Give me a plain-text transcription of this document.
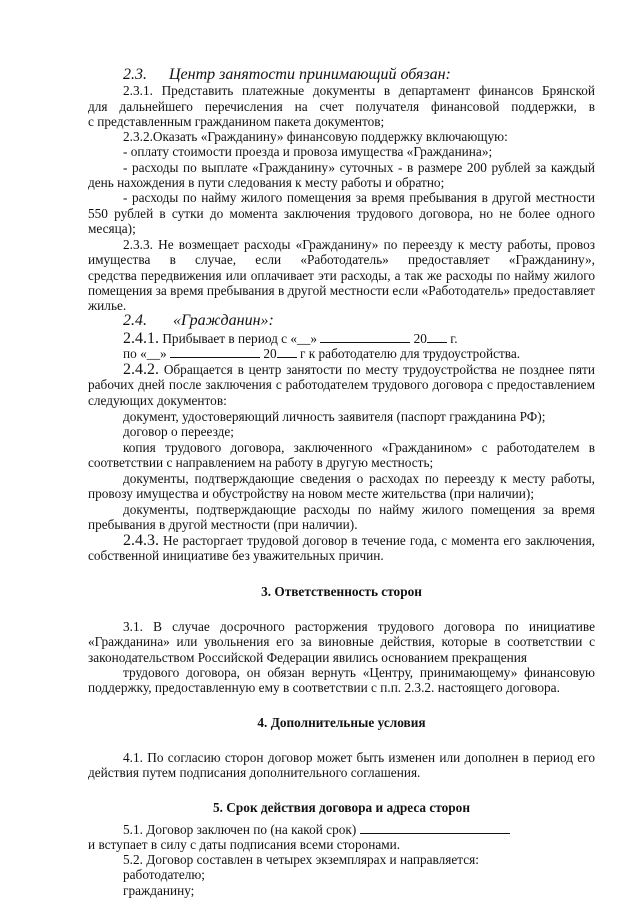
2.3. Центр занятости принимающий обязан:
2.3.1. Представить платежные документы в департамент финансов Брянской
для дальнейшего перечисления на счет получателя финансовой поддержки, в
с представленным гражданином пакета документов;
2.3.2.Оказать «Гражданину» финансовую поддержку включающую:
- оплату стоимости проезда и провоза имущества «Гражданина»;
- расходы по выплате «Гражданину» суточных - в размере 200 рублей за каждый
день нахождения в пути следования к месту работы и обратно;
- расходы по найму жилого помещения за время пребывания в другой местности
550 рублей в сутки до момента заключения трудового договора, но не более одного
месяца);
2.3.3. Не возмещает расходы «Гражданину» по переезду к месту работы, провоз
имущества в случае, если «Работодатель» предоставляет «Гражданину»,
средства передвижения или оплачивает эти расходы, а так же расходы по найму жилого
помещения за время пребывания в другой местности если «Работодатель» предоставляет
жилье.
2.4. «Гражданин»:
2.4.1. Прибывает в период с «__»	20 г.
по «__»	20 г к работодателю для трудоустройства.
2.4.2. Обращается в центр занятости по месту трудоустройства не позднее пяти
рабочих дней после заключения с работодателем трудового договора с предоставлением
следующих документов:
документ, удостоверяющий личность заявителя (паспорт гражданина РФ);
договор о переезде;
копия трудового договора, заключенного «Гражданином» с работодателем в
соответствии с направлением на работу в другую местность;
документы, подтверждающие сведения о расходах по переезду к месту работы,
провозу имущества и обустройству на новом месте жительства (при наличии);
документы, подтверждающие расходы по найму жилого помещения за время
пребывания в другой местности (при наличии).
2.4.3. Не расторгает трудовой договор в течение года, с момента его заключения,
собственной инициативе без уважительных причин.
3. Ответственность сторон
3.1. В случае досрочного расторжения трудового договора по инициативе
«Гражданина» или увольнения его за виновные действия, которые в соответствии с
законодательством Российской Федерации явились основанием прекращения
трудового договора, он обязан вернуть «Центру, принимающему» финансовую
поддержку, предоставленную ему в соответствии с п.п. 2.3.2. настоящего договора.
4. Дополнительные условия
4.1. По согласию сторон договор может быть изменен или дополнен в период его
действия путем подписания дополнительного соглашения.
5. Срок действия договора и адреса сторон
5.1. Договор заключен по (на какой срок)
и вступает в силу с даты подписания всеми сторонами.
5.2. Договор составлен в четырех экземплярах и направляется:
работодателю;
гражданину;
